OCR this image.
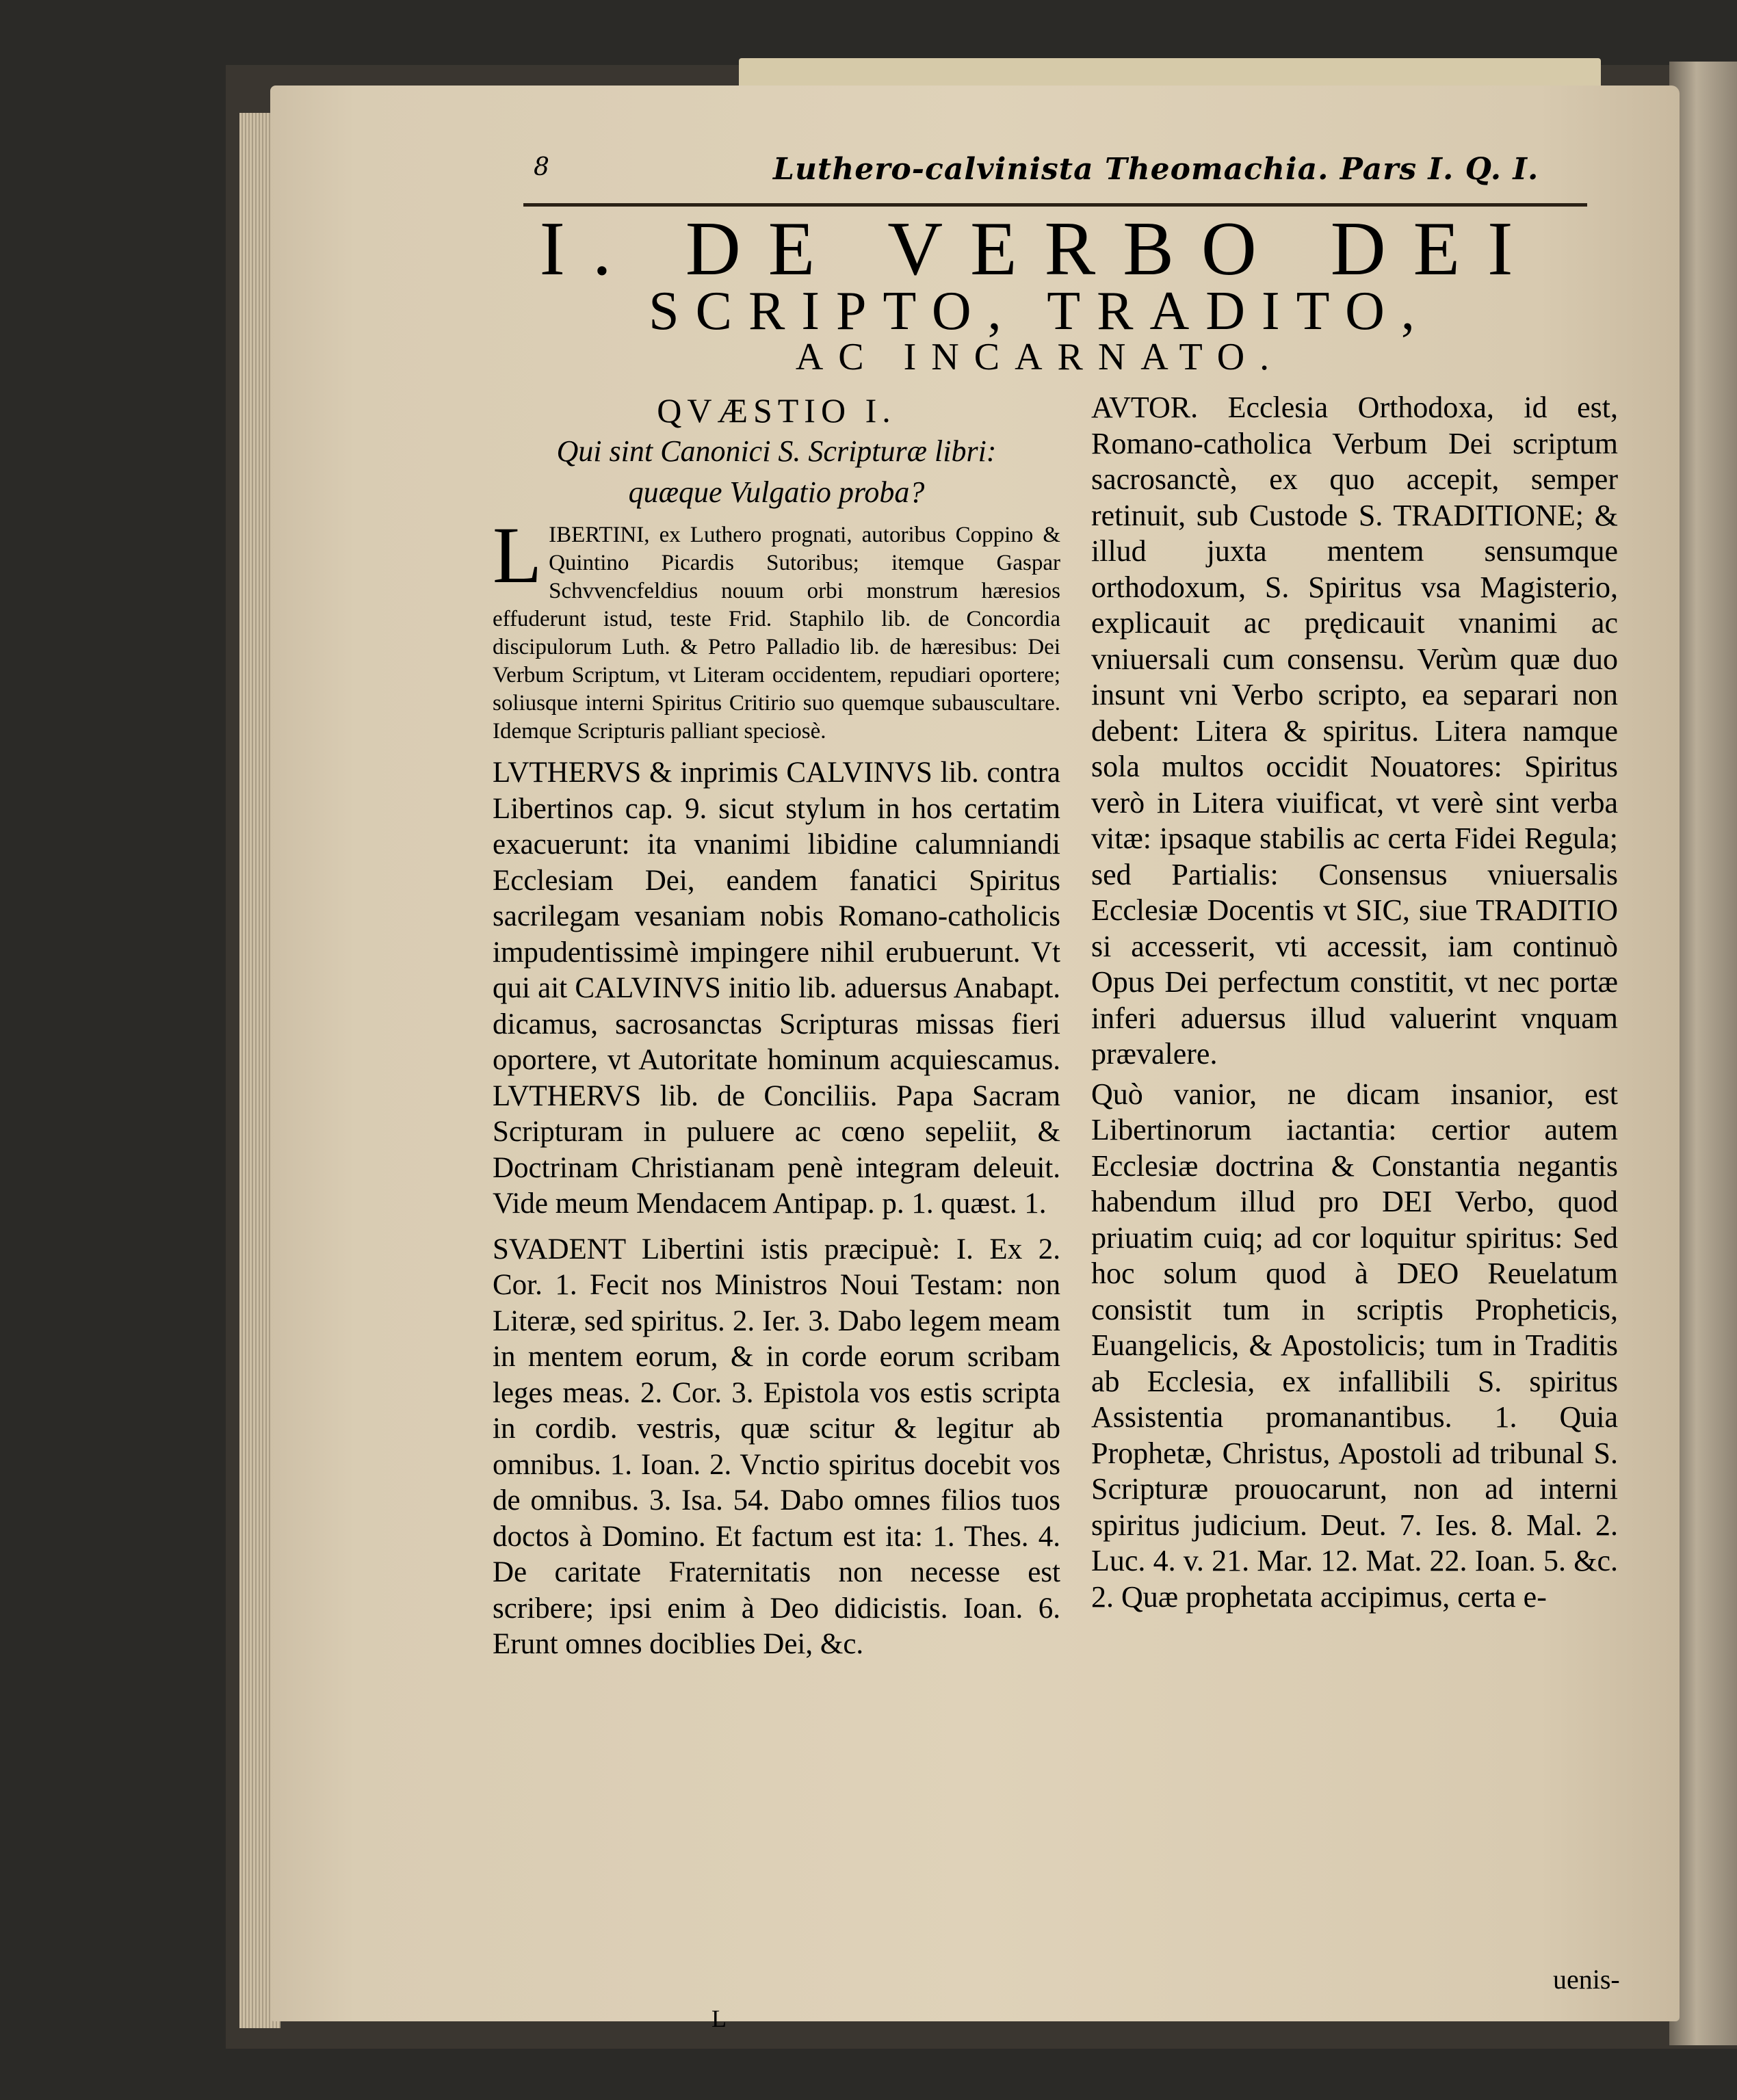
8	Luthero-calvinista Theomachia. Pars I. Q. I.
I. DE VERBO DEI
SCRIPTO, TRADITO,
AC INCARNATO.

QVÆSTIO I.

Qui sint Canonici S. Scripturæ libri:

quæque Vulgatio proba?

LIBERTINI, ex Luthero prognati, autoribus Coppino & Quintino Picardis Sutoribus; itemque Gaspar Schvvencfeldius nouum orbi monstrum hæresios effuderunt istud, teste Frid. Staphilo lib. de Concordia discipulorum Luth. & Petro Palladio lib. de hæresibus: Dei Verbum Scriptum, vt Literam occidentem, repudiari oportere; soliusque interni Spiritus Critirio suo quemque subauscultare. Idemque Scripturis palliant speciosè.

LVTHERVS & inprimis CALVINVS lib. contra Libertinos cap. 9. sicut stylum in hos certatim exacuerunt: ita vnanimi libidine calumniandi Ecclesiam Dei, eandem fanatici Spiritus sacrilegam vesaniam nobis Romano-catholicis impudentissimè impingere nihil erubuerunt. Vt qui ait CALVINVS initio lib. aduersus Anabapt. dicamus, sacrosanctas Scripturas missas fieri oportere, vt Autoritate hominum acquiescamus. LVTHERVS lib. de Conciliis. Papa Sacram Scripturam in puluere ac cœno sepeliit, & Doctrinam Christianam penè integram deleuit. Vide meum Mendacem Antipap. p. 1. quæst. 1.

SVADENT Libertini istis præcipuè: I. Ex 2. Cor. 1. Fecit nos Ministros Noui Testam: non Literæ, sed spiritus. 2. Ier. 3. Dabo legem meam in mentem eorum, & in corde eorum scribam leges meas. 2. Cor. 3. Epistola vos estis scripta in cordib. vestris, quæ scitur & legitur ab omnibus. 1. Ioan. 2. Vnctio spiritus docebit vos de omnibus. 3. Isa. 54. Dabo omnes filios tuos doctos à Domino. Et factum est ita: 1. Thes. 4. De caritate Fraternitatis non necesse est scribere; ipsi enim à Deo didicistis. Ioan. 6. Erunt omnes dociblies Dei, &c.

AVTOR. Ecclesia Orthodoxa, id est, Romano-catholica Verbum Dei scriptum sacrosanctè, ex quo accepit, semper retinuit, sub Custode S. TRADITIONE; & illud juxta mentem sensumque orthodoxum, S. Spiritus vsa Magisterio, explicauit ac prędicauit vnanimi ac vniuersali cum consensu. Verùm quæ duo insunt vni Verbo scripto, ea separari non debent: Litera & spiritus. Litera namque sola multos occidit Nouatores: Spiritus verò in Litera viuificat, vt verè sint verba vitæ: ipsaque stabilis ac certa Fidei Regula; sed Partialis: Consensus vniuersalis Ecclesiæ Docentis vt SIC, siue TRADITIO si accesserit, vti accessit, iam continuò Opus Dei perfectum constitit, vt nec portæ inferi aduersus illud valuerint vnquam prævalere.

Quò vanior, ne dicam insanior, est Libertinorum iactantia: certior autem Ecclesiæ doctrina & Constantia negantis habendum illud pro DEI Verbo, quod priuatim cuiq; ad cor loquitur spiritus: Sed hoc solum quod à DEO Reuelatum consistit tum in scriptis Propheticis, Euangelicis, & Apostolicis; tum in Traditis ab Ecclesia, ex infallibili S. spiritus Assistentia promanantibus. 1. Quia Prophetæ, Christus, Apostoli ad tribunal S. Scripturæ prouocarunt, non ad interni spiritus judicium. Deut. 7. Ies. 8. Mal. 2. Luc. 4. v. 21. Mar. 12. Mat. 22. Ioan. 5. &c. 2. Quæ prophetata accipimus, certa e-

uenis-
L
